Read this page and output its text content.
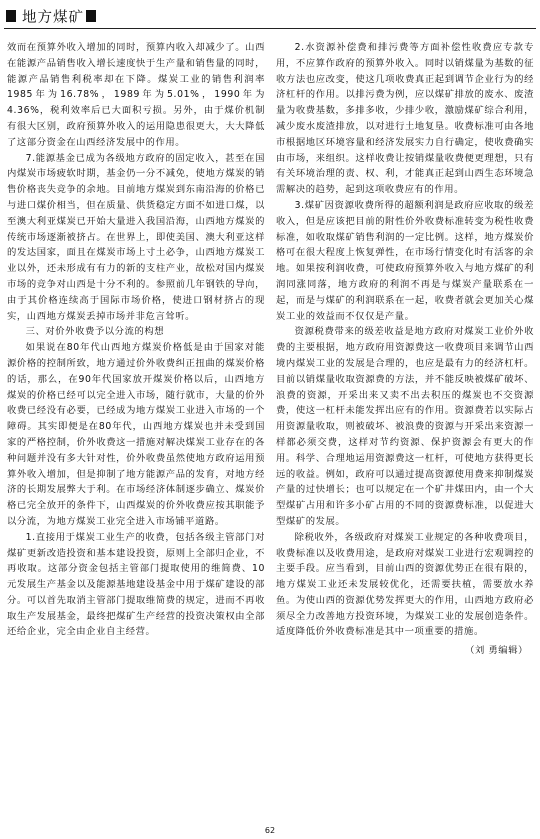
地方煤矿

效而在预算外收入增加的同时，预算内收入却减少了。山西在能源产品销售收入增长速度快于生产量和销售量的同时，能源产品销售利税率却在下降。煤炭工业的销售利润率1985年为16.78%，1989年为5.01%，1990年为4.36%，税利效率后已大面积亏损。另外，由于煤价机制有很大区别，政府预算外收入的运用隐患很更大，大大降低了这部分资金在山西经济发展中的作用。

7.能源基金已成为各级地方政府的固定收入，甚至在国内煤炭市场疲软时期，基金仍一分不减免，使地方煤炭的销售价格丧失竞争的余地。目前地方煤炭到东南沿海的价格已与进口煤价相当，但在质量、供货稳定方面不如进口煤，以至澳大利亚煤炭已开始大量进入我国沿海，山西地方煤炭的传统市场逐渐被挤占。在世界上，即使美国、澳大利亚这样的发达国家，面且在煤炭市场上寸土必争，山西地方煤炭工业以外，还未形成有有力的新的支柱产业，故松对国内煤炭市场的竞争对山西是十分不利的。参照前几年钢铁的导向，由于其价格连续高于国际市场价格，使进口钢材挤占的现实，山西地方煤炭丢掉市场并非危言耸听。

三、对价外收费予以分流的构想

如果说在80年代山西地方煤炭价格低是由于国家对能源价格的控制所致，地方通过价外收费纠正扭曲的煤炭价格的话，那么，在90年代国家放开煤炭价格以后，山西地方煤炭的价格已经可以完全进入市场，随行就市，大量的价外收费已经没有必要，已经成为地方煤炭工业进入市场的一个障碍。其实即便是在80年代，山西地方煤炭也并未受到国家的严格控制，价外收费这一措施对解决煤炭工业存在的各种问题并没有多大针对性，价外收费虽然使地方政府运用预算外收入增加，但是抑制了地方能源产品的发育，对地方经济的长期发展弊大于利。在市场经济体制逐步确立、煤炭价格已完全放开的条件下，山西煤炭的价外收费应按其职能予以分流，为地方煤炭工业完全进入市场铺平道路。

1.直接用于煤炭工业生产的收费，包括各级主管部门对煤矿更新改造投资和基本建设投资，原则上全部归企业，不再收取。这部分资金包括主管部门提取使用的维简费、10元发展生产基金以及能源基地建设基金中用于煤矿建设的部分。可以首先取消主管部门提取维简费的规定，进而不再收取生产发展基金，最终把煤矿生产经营的投资决策权由全部还给企业，完全由企业自主经营。

2.水资源补偿费和排污费等方面补偿性收费应专款专用，不应算作政府的预算外收入。同时以销煤量为基数的征收方法也应改变，使这几项收费真正起到调节企业行为的经济杠杆的作用。以排污费为例，应以煤矿排放的废水、废渣量为收费基数，多排多收，少排少收，激励煤矿综合利用，减少废水废渣排放，以对进行土地复垦。收费标准可由各地市根据地区环境容量和经济发展实力自行确定，使收费确实由市场，来组织。这样收费让按销煤量收费便更理想，只有有关环境治理的责、权、利，才能真正起到山西生态环境急需解决的趋势，起到这项收费应有的作用。

3.煤矿因资源收费所得的超额利润是政府应收取的级差收入，但是应该把目前的附性价外收费标准转变为税性收费标准，如收取煤矿销售利润的一定比例。这样，地方煤炭价格可在很大程度上恢复弹性，在市场行情变化时有活客的余地。如果按利润收费，可使政府预算外收入与地方煤矿的利润同涨同落，地方政府的利润不再是与煤炭产量联系在一起，而是与煤矿的利润联系在一起，收费者就会更加关心煤炭工业的效益而不仅仅是产量。

资源税费带来的级差收益是地方政府对煤炭工业价外收费的主要根据，地方政府用资源费这一收费项目来调节山西境内煤炭工业的发展是合理的，也应是最有力的经济杠杆。目前以销煤量收取资源费的方法，并不能反映被煤矿破坏、浪费的资源，开采出来又卖不出去积压的煤炭也不交资源费，使这一杠杆未能发挥出应有的作用。资源费若以实际占用资源量收取，则被破坏、被浪费的资源与开采出来资源一样都必须交费，这样对节约资源、保护资源会有更大的作用。科学、合理地运用资源费这一杠杆，可使地方获得更长远的收益。例如，政府可以通过提高资源使用费来抑制煤炭产量的过快增长；也可以规定在一个矿井煤田内，由一个大型煤矿占用和许多小矿占用的不同的资源费标准，以促进大型煤矿的发展。

除税收外，各级政府对煤炭工业规定的各种收费项目，收费标准以及收费用途，是政府对煤炭工业进行宏观调控的主要手段。应当看到，目前山西的资源优势正在很有限的，地方煤炭工业还未发展较优化，还需要扶植，需要放水养鱼。为使山西的资源优势发挥更大的作用，山西地方政府必须尽全力改善地方投资环境，为煤炭工业的发展创造条件。适度降低价外收费标准是其中一项重要的措施。

（刘 勇编辑）

62
